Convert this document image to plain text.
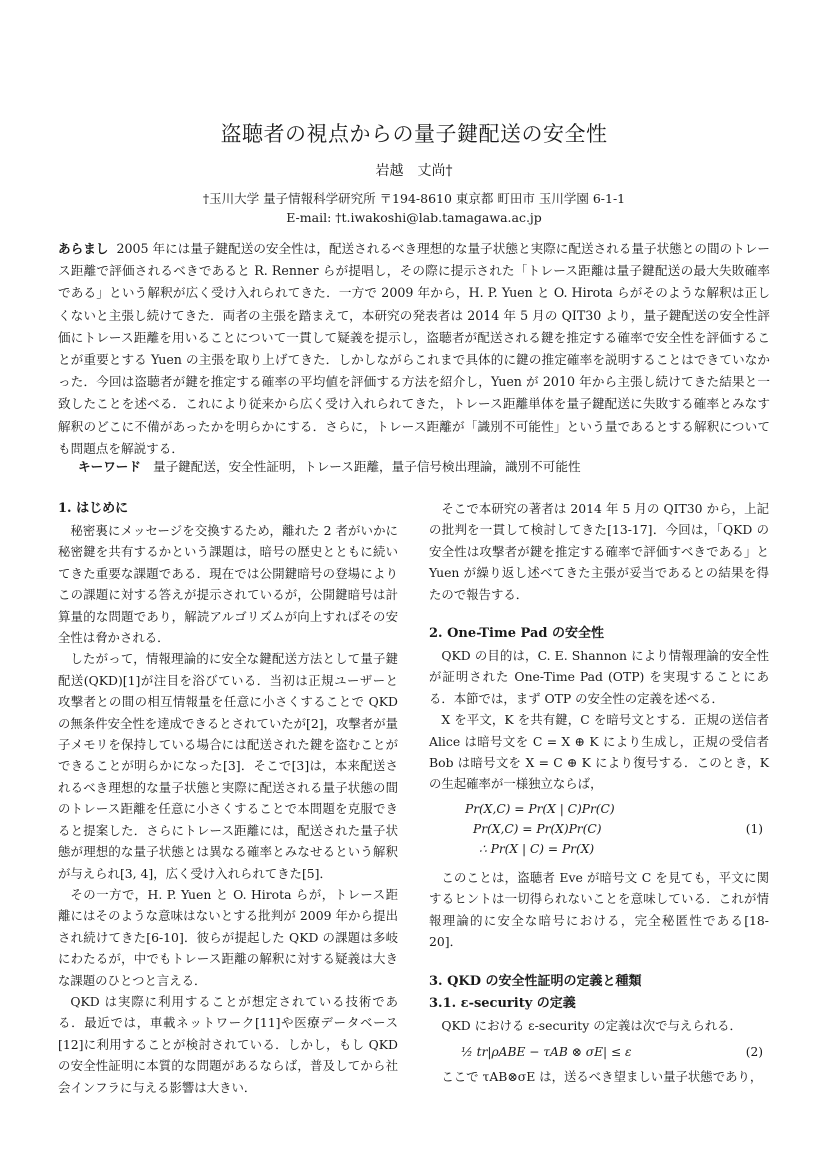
盗聴者の視点からの量子鍵配送の安全性
岩越　丈尚†
†玉川大学 量子情報科学研究所 〒194-8610 東京都 町田市 玉川学園 6-1-1
E-mail: †t.iwakoshi@lab.tamagawa.ac.jp
あらまし 2005 年には量子鍵配送の安全性は，配送されるべき理想的な量子状態と実際に配送される量子状態との間のトレース距離で評価されるべきであると R. Renner らが提唱し，その際に提示された「トレース距離は量子鍵配送の最大失敗確率である」という解釈が広く受け入れられてきた．一方で 2009 年から，H. P. Yuen と O. Hirota らがそのような解釈は正しくないと主張し続けてきた．両者の主張を踏まえて，本研究の発表者は 2014 年 5 月の QIT30 より，量子鍵配送の安全性評価にトレース距離を用いることについて一貫して疑義を提示し，盗聴者が配送される鍵を推定する確率で安全性を評価することが重要とする Yuen の主張を取り上げてきた．しかしながらこれまで具体的に鍵の推定確率を説明することはできていなかった．今回は盗聴者が鍵を推定する確率の平均値を評価する方法を紹介し，Yuen が 2010 年から主張し続けてきた結果と一致したことを述べる．これにより従来から広く受け入れられてきた，トレース距離単体を量子鍵配送に失敗する確率とみなす解釈のどこに不備があったかを明らかにする．さらに，トレース距離が「識別不可能性」という量であるとする解釈についても問題点を解説する．
キーワード 量子鍵配送，安全性証明，トレース距離，量子信号検出理論，識別不可能性
1. はじめに

秘密裏にメッセージを交換するため，離れた 2 者がいかに秘密鍵を共有するかという課題は，暗号の歴史とともに続いてきた重要な課題である．現在では公開鍵暗号の登場によりこの課題に対する答えが提示されているが，公開鍵暗号は計算量的な問題であり，解読アルゴリズムが向上すればその安全性は脅かされる．

したがって，情報理論的に安全な鍵配送方法として量子鍵配送(QKD)[1]が注目を浴びている．当初は正規ユーザーと攻撃者との間の相互情報量を任意に小さくすることで QKD の無条件安全性を達成できるとされていたが[2]，攻撃者が量子メモリを保持している場合には配送された鍵を盗むことができることが明らかになった[3]．そこで[3]は，本来配送されるべき理想的な量子状態と実際に配送される量子状態の間のトレース距離を任意に小さくすることで本問題を克服できると提案した．さらにトレース距離には，配送された量子状態が理想的な量子状態とは異なる確率とみなせるという解釈が与えられ[3, 4]，広く受け入れられてきた[5]．

その一方で，H. P. Yuen と O. Hirota らが，トレース距離にはそのような意味はないとする批判が 2009 年から提出され続けてきた[6-10]．彼らが提起した QKD の課題は多岐にわたるが，中でもトレース距離の解釈に対する疑義は大きな課題のひとつと言える．

QKD は実際に利用することが想定されている技術である．最近では，車載ネットワーク[11]や医療データベース[12]に利用することが検討されている．しかし，もし QKD の安全性証明に本質的な問題があるならば，普及してから社会インフラに与える影響は大きい．

そこで本研究の著者は 2014 年 5 月の QIT30 から，上記の批判を一貫して検討してきた[13-17]．今回は，「QKD の安全性は攻撃者が鍵を推定する確率で評価すべきである」と Yuen が繰り返し述べてきた主張が妥当であるとの結果を得たので報告する．

2. One-Time Pad の安全性

QKD の目的は，C. E. Shannon により情報理論的安全性が証明された One-Time Pad (OTP) を実現することにある．本節では，まず OTP の安全性の定義を述べる．

X を平文，K を共有鍵，C を暗号文とする．正規の送信者 Alice は暗号文を C = X ⊕ K により生成し，正規の受信者 Bob は暗号文を X = C ⊕ K により復号する．このとき，K の生起確率が一様独立ならば，

Pr(X,C) = Pr(X | C)Pr(C)
Pr(X,C) = Pr(X)Pr(C)
∴ Pr(X | C) = Pr(X)
(1)

このことは，盗聴者 Eve が暗号文 C を見ても，平文に関するヒントは一切得られないことを意味している．これが情報理論的に安全な暗号における，完全秘匿性である[18-20]．

3. QKD の安全性証明の定義と種類
3.1. ε-security の定義

QKD における ε-security の定義は次で与えられる．

½ tr|ρABE − τAB ⊗ σE| ≤ ε	(2)

ここで τAB⊗σE は，送るべき望ましい量子状態であり，
